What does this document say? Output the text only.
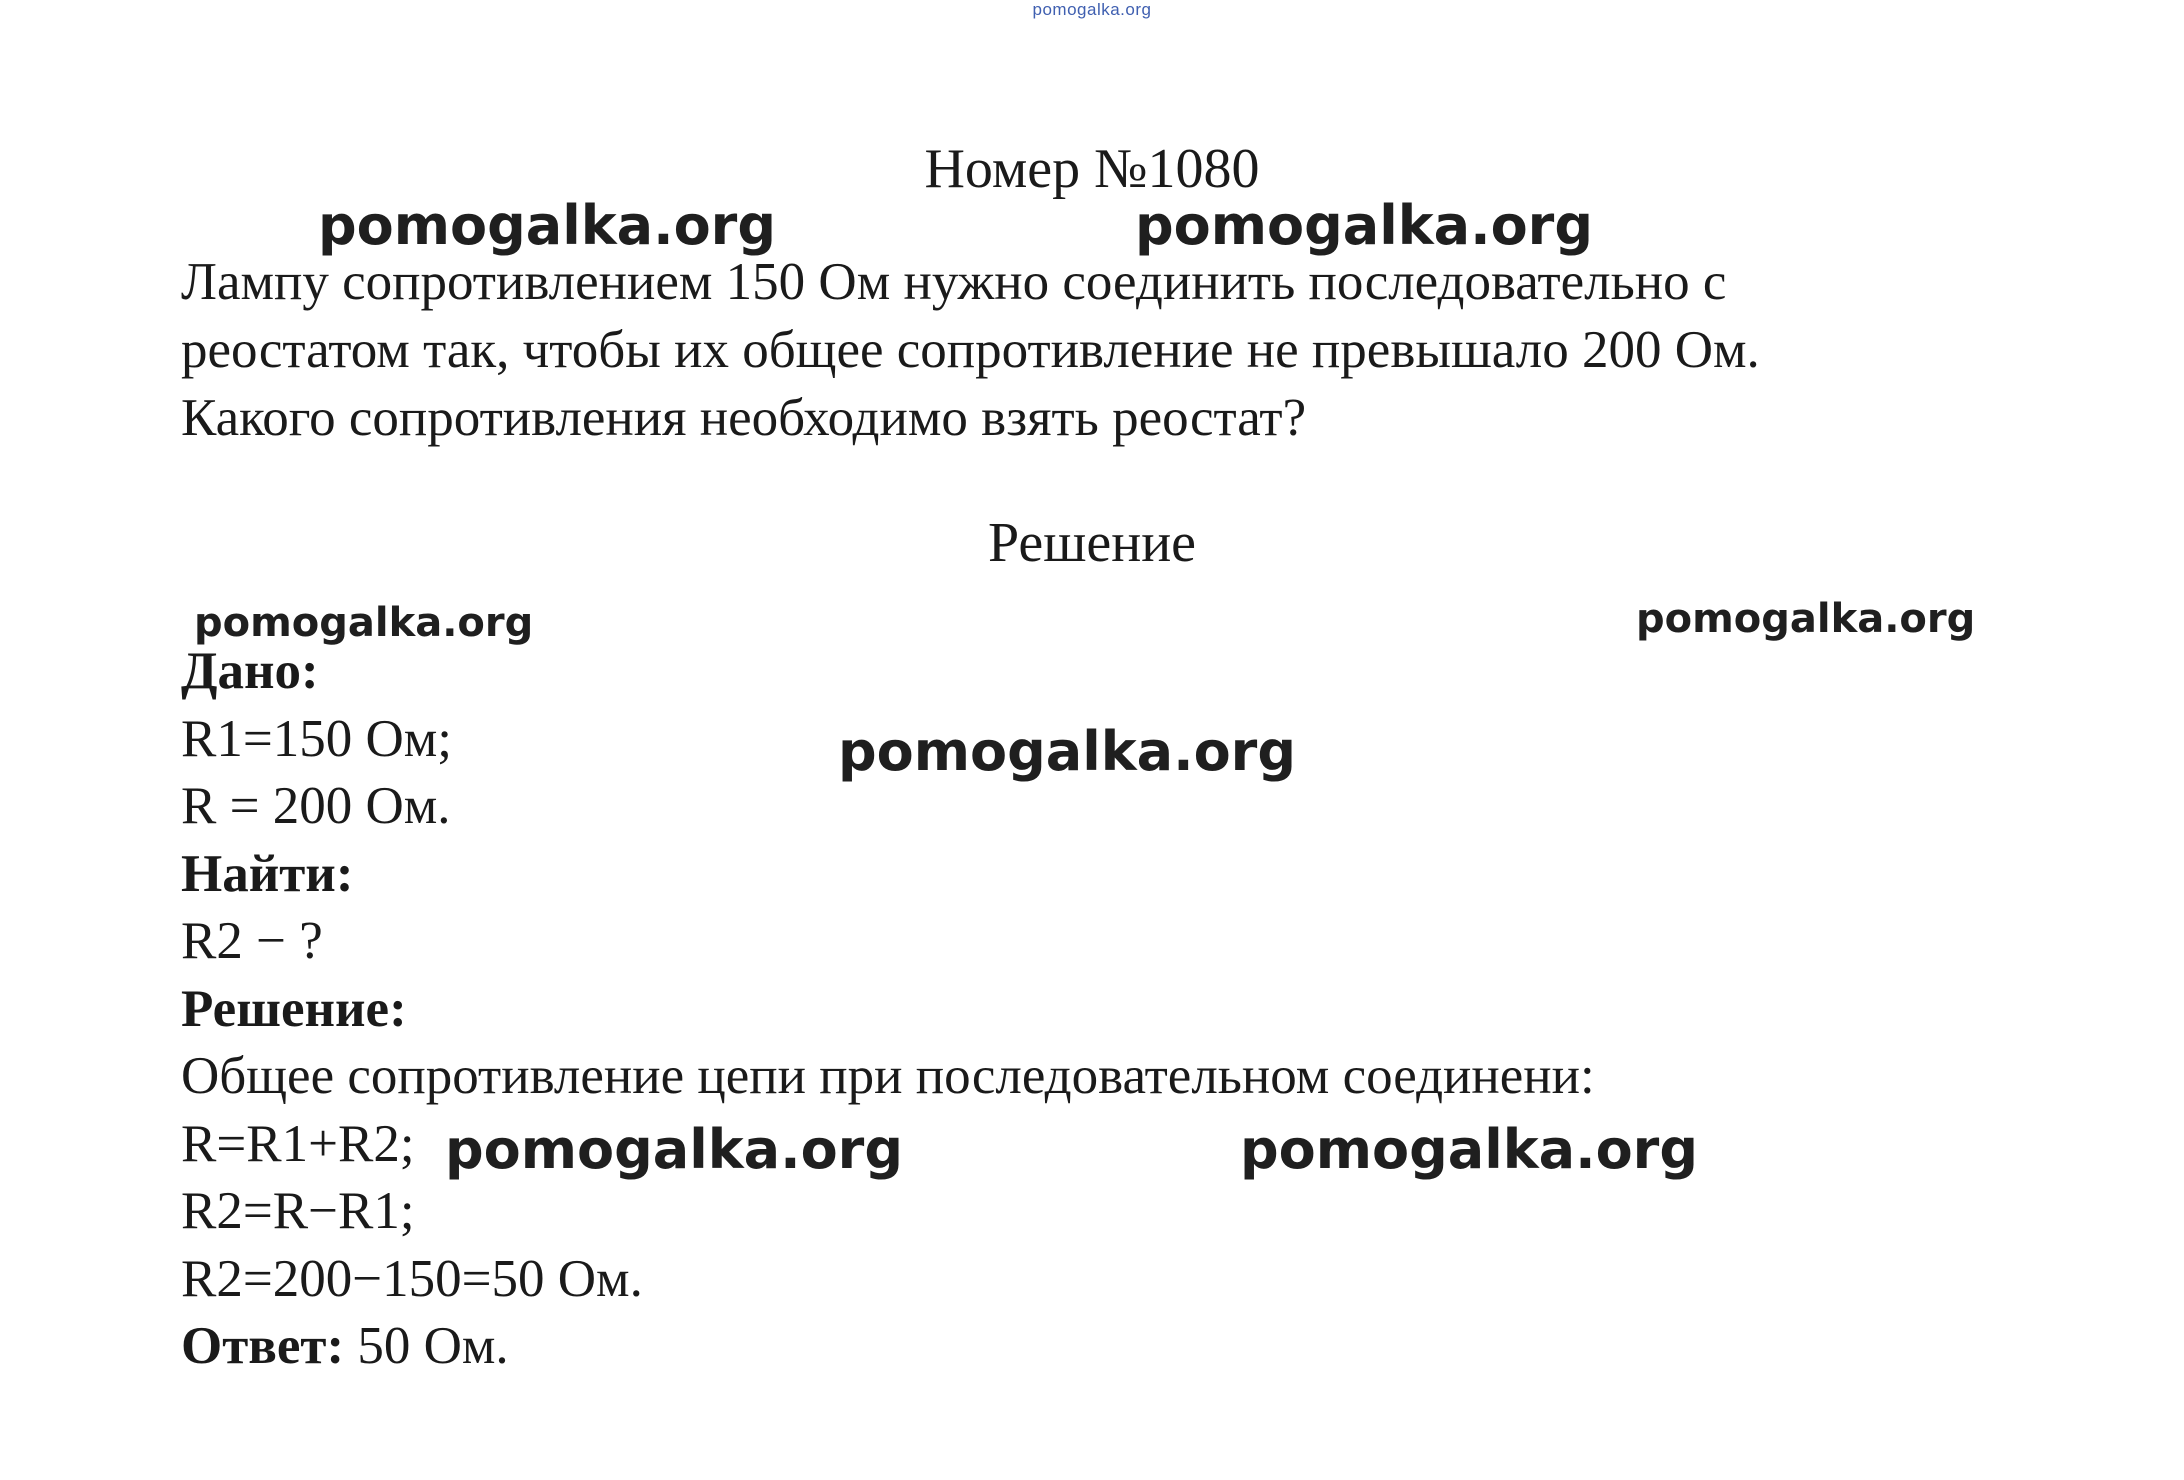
pomogalka.org
Номер №1080
Лампу сопротивлением 150 Ом нужно соединить последовательно с
реостатом так, чтобы их общее сопротивление не превышало 200 Ом.
Какого сопротивления необходимо взять реостат?
Решение
Дано:
R1=150 Ом;
R = 200 Ом.
Найти:
R2 − ?
Решение:
Общее сопротивление цепи при последовательном соединени:
R=R1+R2;
R2=R−R1;
R2=200−150=50 Ом.
Ответ: 50 Ом.
pomogalka.org	pomogalka.org
pomogalka.org	pomogalka.org
pomogalka.org
pomogalka.org	pomogalka.org
